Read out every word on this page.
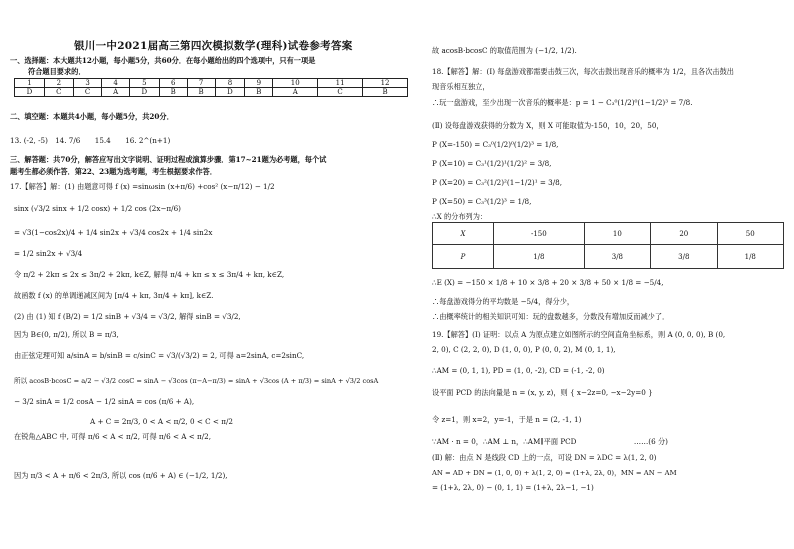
银川一中2021届高三第四次模拟数学(理科)试卷参考答案
一、选择题：本大题共12小题，每小题5分，共60分．在每小题给出的四个选项中，只有一项是
符合题目要求的．
1	2	3	4	5	6	7	8	9	10	11	12
D	C	C	A	D	B	B	D	B	A	C	B
二、填空题：本题共4小题，每小题5分，共20分．
13. (-2, -5)　14. 7/6　　15.4　　16. 2^(n+1)
三、解答题：共70分，解答应写出文字说明、证明过程或演算步骤．第17~21题为必考题，每个试
题考生都必须作答．第22、23题为选考题，考生根据要求作答．
17.【解答】解：(1) 由题意可得 f (x) =sinωsin (x+π/6) +cos² (x−π/12) − 1/2
sinx (√3/2 sinx + 1/2 cosx) + 1/2 cos (2x−π/6)
= √3(1−cos2x)/4 + 1/4 sin2x + √3/4 cos2x + 1/4 sin2x
= 1/2 sin2x + √3/4
令 π/2 + 2kπ ≤ 2x ≤ 3π/2 + 2kπ, k∈Z, 解得 π/4 + kπ ≤ x ≤ 3π/4 + kπ, k∈Z,
故函数 f (x) 的单调递减区间为 [π/4 + kπ, 3π/4 + kπ], k∈Z.
(2) 由 (1) 知 f (B/2) = 1/2 sinB + √3/4 = √3/2, 解得 sinB = √3/2,
因为 B∈(0, π/2), 所以 B = π/3,
由正弦定理可知 a/sinA = b/sinB = c/sinC = √3/(√3/2) = 2, 可得 a=2sinA, c=2sinC,
所以 acosB·bcosC = a/2 − √3/2 cosC = sinA − √3cos (π−A−π/3) = sinA + √3cos (A + π/3) = sinA + √3/2 cosA
− 3/2 sinA = 1/2 cosA − 1/2 sinA = cos (π/6 + A),
A + C = 2π/3, 0 < A < π/2, 0 < C < π/2
在锐角△ABC 中, 可得 π/6 < A < π/2, 可得 π/6 < A < π/2,
因为 π/3 < A + π/6 < 2π/3, 所以 cos (π/6 + A) ∈ (−1/2, 1/2),
故 acosB·bcosC 的取值范围为 (−1/2, 1/2).
18.【解答】解：(Ⅰ) 每盘游戏都需要击鼓三次，每次击鼓出现音乐的概率为 1/2，且各次击鼓出
现音乐相互独立，
∴玩一盘游戏，至少出现一次音乐的概率是：p = 1 − C₃⁰(1/2)⁰(1−1/2)³ = 7/8.
(Ⅱ) 设每盘游戏获得的分数为 X，则 X 可能取值为-150，10，20，50，
P (X=-150) = C₃⁰(1/2)⁰(1/2)³ = 1/8,
P (X=10) = C₃¹(1/2)¹(1/2)² = 3/8,
P (X=20) = C₃²(1/2)²(1−1/2)¹ = 3/8,
P (X=50) = C₃³(1/2)³ = 1/8,
∴X 的分布列为：
X	-150	10	20	50
P	1/8	3/8	3/8	1/8
∴E (X) = −150 × 1/8 + 10 × 3/8 + 20 × 3/8 + 50 × 1/8 = −5/4,
∴每盘游戏得分的平均数是 −5/4，得分少，
∴由概率统计的相关知识可知：玩的盘数越多，分数没有增加反而减少了．
19.【解答】(Ⅰ) 证明：以点 A 为原点建立如图所示的空间直角坐标系，则 A (0, 0, 0), B (0,
2, 0), C (2, 2, 0), D (1, 0, 0), P (0, 0, 2), M (0, 1, 1),
∴AM = (0, 1, 1), PD = (1, 0, -2), CD = (-1, -2, 0)
设平面 PCD 的法向量是 n = (x, y, z)，则 { x−2z=0, −x−2y=0 }
令 z=1，则 x=2，y=-1，于是 n = (2, -1, 1)
∵AM · n = 0，∴AM ⊥ n，∴AM∥平面 PCD　　　　　　　　……(6 分)
(Ⅱ) 解：由点 N 是线段 CD 上的一点，可设 DN = λDC = λ(1, 2, 0)
AN = AD + DN = (1, 0, 0) + λ(1, 2, 0) = (1+λ, 2λ, 0)，MN = AN − AM
= (1+λ, 2λ, 0) − (0, 1, 1) = (1+λ, 2λ−1, −1)
